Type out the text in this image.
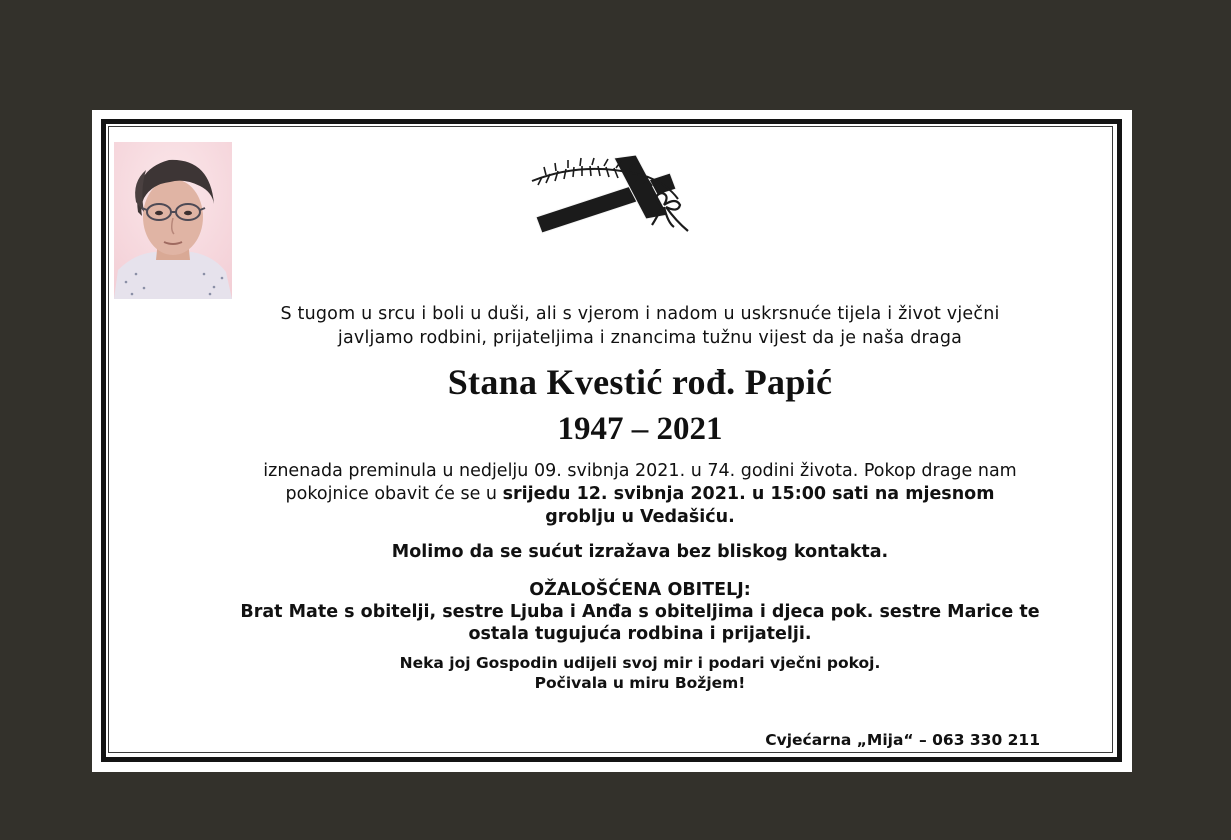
S tugom u srcu i boli u duši, ali s vjerom i nadom u uskrsnuće tijela i život vječni

javljamo rodbini, prijateljima i znancima tužnu vijest da je naša draga

Stana Kvestić rođ. Papić

1947 – 2021

iznenada preminula u nedjelju 09. svibnja 2021. u 74. godini života. Pokop drage nam

pokojnice obavit će se u srijedu 12. svibnja 2021. u 15:00 sati na mjesnom

groblju u Vedašiću.

Molimo da se sućut izražava bez bliskog kontakta.

OŽALOŠĆENA OBITELJ:

Brat Mate s obitelji, sestre Ljuba i Anđa s obiteljima i djeca pok. sestre Marice te

ostala tugujuća rodbina i prijatelji.

Neka joj Gospodin udijeli svoj mir i podari vječni pokoj.

Počivala u miru Božjem!

Cvjećarna „Mija“ – 063 330 211
